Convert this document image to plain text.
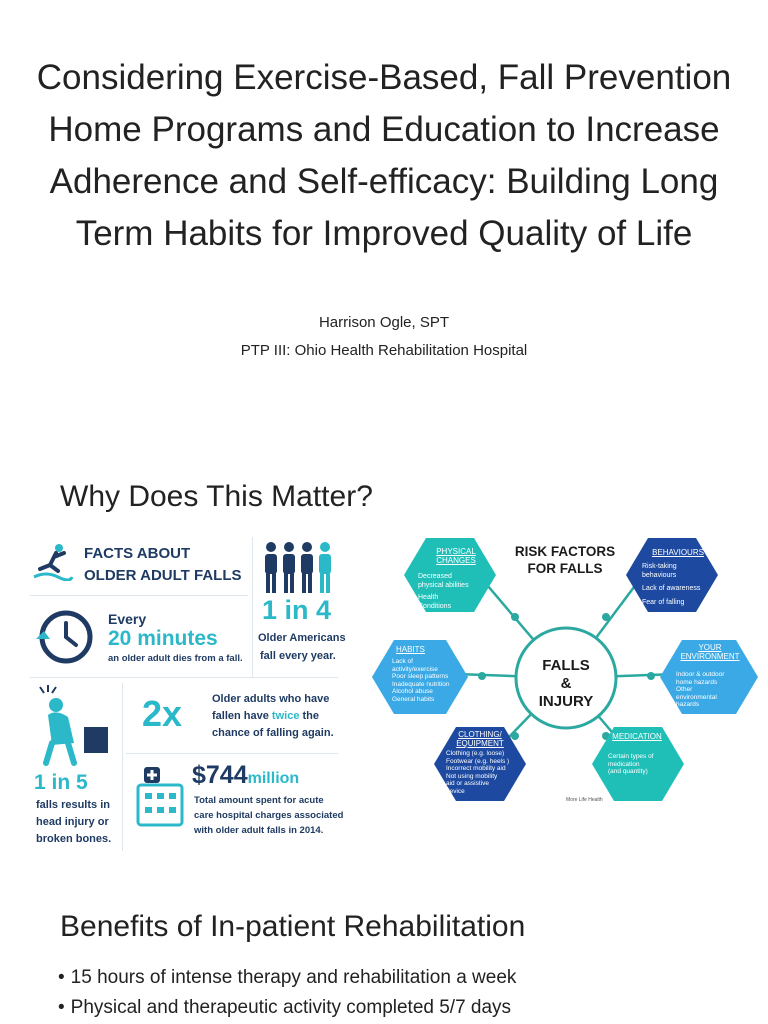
Considering Exercise-Based, Fall Prevention Home Programs and Education to Increase Adherence and Self-efficacy: Building Long Term Habits for Improved Quality of Life
Harrison Ogle, SPT
PTP III: Ohio Health Rehabilitation Hospital
Why Does This Matter?
FACTS ABOUT
OLDER ADULT FALLS
1 in 4
Older Americans
fall every year.
Every
20 minutes
an older adult dies from a fall.
1 in 5
falls results in
head injury or
broken bones.
2x	Older adults who have
fallen have twice the
chance of falling again.
$744million
Total amount spent for acute
care hospital charges associated
with older adult falls in 2014.
RISK FACTORS
FOR FALLS
FALLS
&
INJURY
PHYSICAL
CHANGES
Decreased
physical abilities
Health
Conditions
BEHAVIOURS
Risk-taking
behaviours
Lack of awareness
Fear of falling
HABITS
Lack of
activity/exercise
Poor sleep patterns
Inadequate nutrition
Alcohol abuse
General habits
YOUR
ENVIRONMENT
Indoor & outdoor
home hazards
Other
environmental
hazards
CLOTHING/
EQUIPMENT
Clothing (e.g. loose)
Footwear (e.g. heels )
Incorrect mobility aid
Not using mobility
aid or assistive
device
MEDICATION
Certain types of
medication
(and quantity)
More Life Health
Benefits of In-patient Rehabilitation
• 15 hours of intense therapy and rehabilitation a week
• Physical and therapeutic activity completed 5/7 days
